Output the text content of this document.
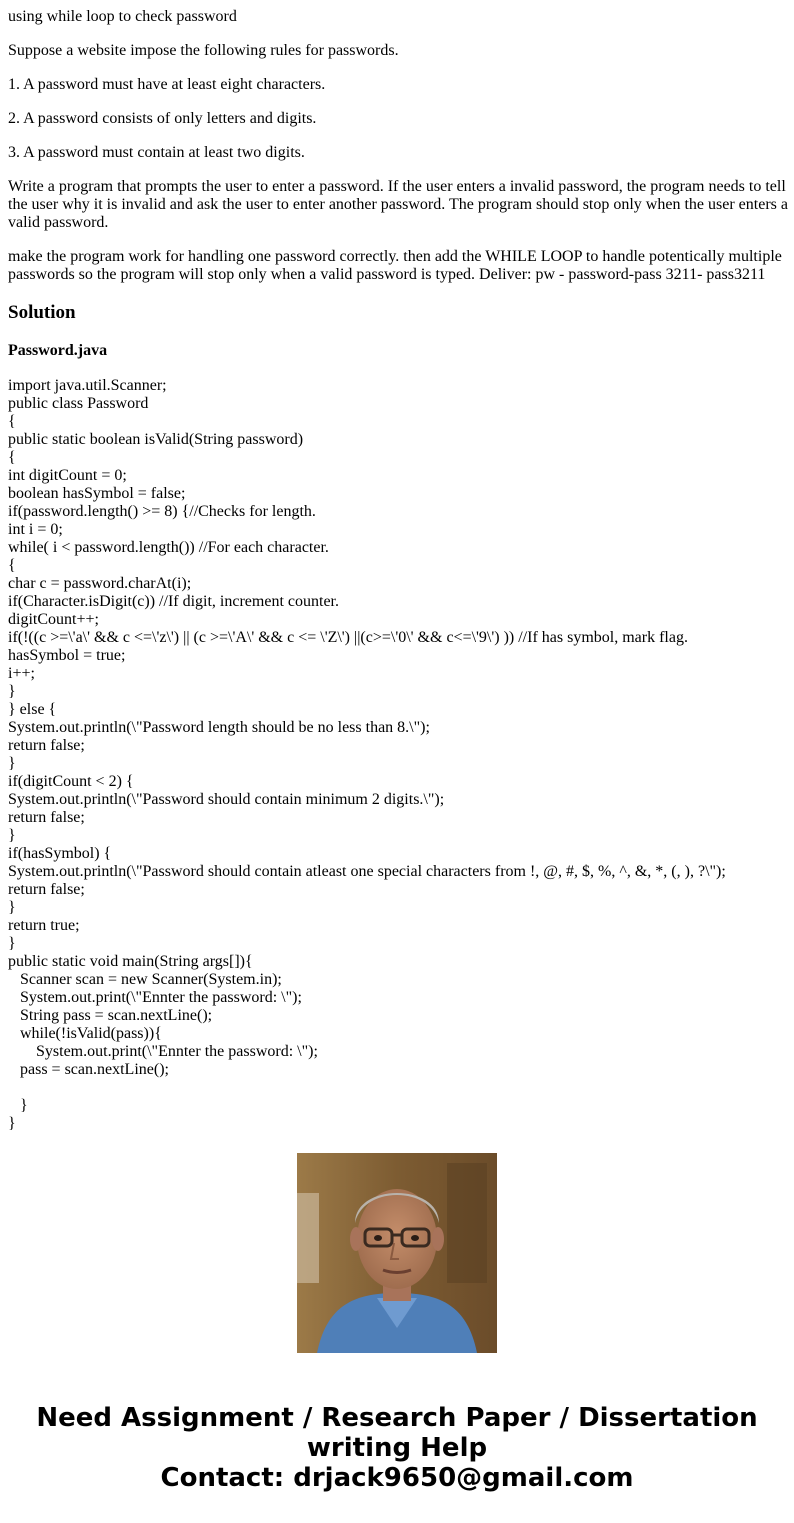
using while loop to check password
Suppose a website impose the following rules for passwords.
1. A password must have at least eight characters.
2. A password consists of only letters and digits.
3. A password must contain at least two digits.
Write a program that prompts the user to enter a password. If the user enters a invalid password, the program needs to tell the user why it is invalid and ask the user to enter another password. The program should stop only when the user enters a valid password.
make the program work for handling one password correctly. then add the WHILE LOOP to handle potentically multiple passwords so the program will stop only when a valid password is typed. Deliver: pw - password-pass 3211- pass3211
Solution
Password.java
import java.util.Scanner;
public class Password
{
public static boolean isValid(String password)
{
int digitCount = 0;
boolean hasSymbol = false;
if(password.length() >= 8) {//Checks for length.
int i = 0;
while( i < password.length()) //For each character.
{
char c = password.charAt(i);
if(Character.isDigit(c)) //If digit, increment counter.
digitCount++;
if(!((c >=\'a\' && c <=\'z\') || (c >=\'A\' && c <= \'Z\') ||(c>=\'0\' && c<=\'9\') )) //If has symbol, mark flag.
hasSymbol = true;
i++;
}
} else {
System.out.println(\"Password length should be no less than 8.\");
return false;
}
if(digitCount < 2) {
System.out.println(\"Password should contain minimum 2 digits.\");
return false;
}
if(hasSymbol) {
System.out.println(\"Password should contain atleast one special characters from !, @, #, $, %, ^, &, *, (, ), ?\");
return false;
}
return true;
}
public static void main(String args[]){
Scanner scan = new Scanner(System.in);
System.out.print(\"Ennter the password: \");
String pass = scan.nextLine();
while(!isValid(pass)){
System.out.print(\"Ennter the password: \");
pass = scan.nextLine();
}
}
Need Assignment / Research Paper / Dissertation
writing Help
Contact: drjack9650@gmail.com
